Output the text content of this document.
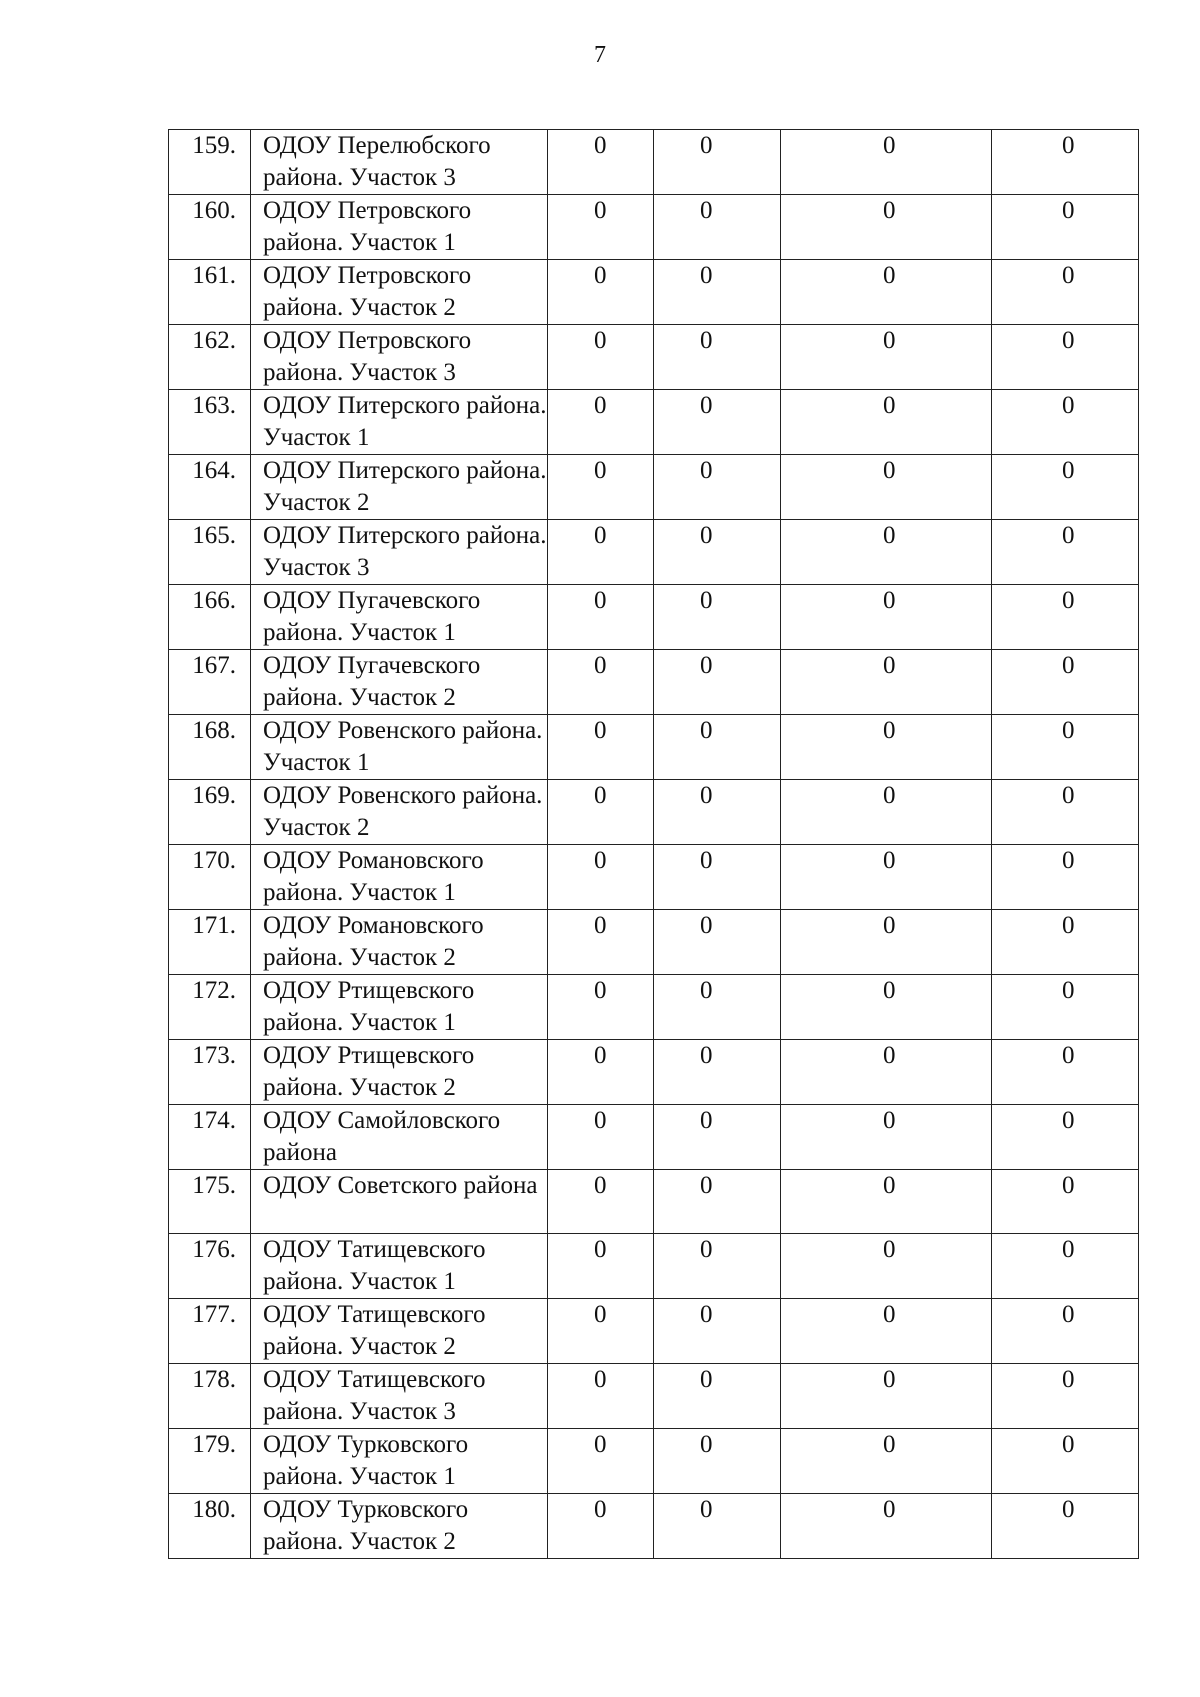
7
159.	ОДОУ Перелюбского района. Участок 3	0	0	0	0
160.	ОДОУ Петровского района. Участок 1	0	0	0	0
161.	ОДОУ Петровского района. Участок 2	0	0	0	0
162.	ОДОУ Петровского района. Участок 3	0	0	0	0
163.	ОДОУ Питерского района. Участок 1	0	0	0	0
164.	ОДОУ Питерского района. Участок 2	0	0	0	0
165.	ОДОУ Питерского района. Участок 3	0	0	0	0
166.	ОДОУ Пугачевского района. Участок 1	0	0	0	0
167.	ОДОУ Пугачевского района. Участок 2	0	0	0	0
168.	ОДОУ Ровенского района. Участок 1	0	0	0	0
169.	ОДОУ Ровенского района. Участок 2	0	0	0	0
170.	ОДОУ Романовского района. Участок 1	0	0	0	0
171.	ОДОУ Романовского района. Участок 2	0	0	0	0
172.	ОДОУ Ртищевского района. Участок 1	0	0	0	0
173.	ОДОУ Ртищевского района. Участок 2	0	0	0	0
174.	ОДОУ Самойловского района	0	0	0	0
175.	ОДОУ Советского района	0	0	0	0
176.	ОДОУ Татищевского района. Участок 1	0	0	0	0
177.	ОДОУ Татищевского района. Участок 2	0	0	0	0
178.	ОДОУ Татищевского района. Участок 3	0	0	0	0
179.	ОДОУ Турковского района. Участок 1	0	0	0	0
180.	ОДОУ Турковского района. Участок 2	0	0	0	0
